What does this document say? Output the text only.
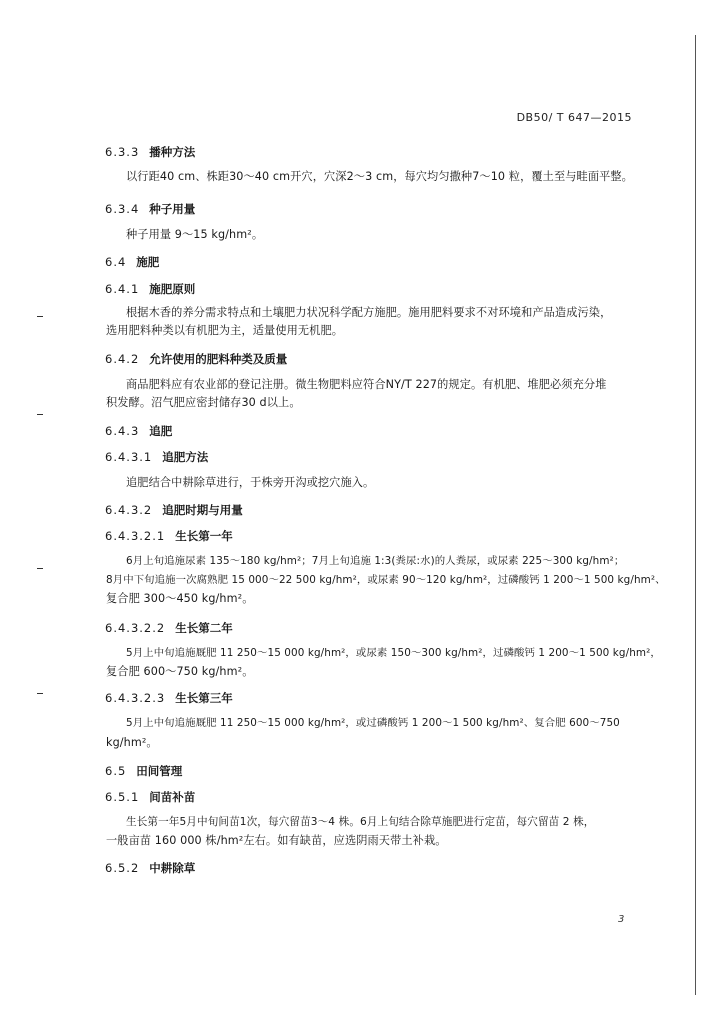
DB50/ T 647—2015
6.3.3 播种方法
以行距40 cm、株距30～40 cm开穴，穴深2～3 cm，每穴均匀撒种7～10 粒，覆土至与畦面平整。
6.3.4 种子用量
种子用量 9～15 kg/hm²。
6.4 施肥
6.4.1 施肥原则
根据木香的养分需求特点和土壤肥力状况科学配方施肥。施用肥料要求不对环境和产品造成污染，
选用肥料种类以有机肥为主，适量使用无机肥。
6.4.2 允许使用的肥料种类及质量
商品肥料应有农业部的登记注册。微生物肥料应符合NY/T 227的规定。有机肥、堆肥必须充分堆
积发酵。沼气肥应密封储存30 d以上。
6.4.3 追肥
6.4.3.1 追肥方法
追肥结合中耕除草进行，于株旁开沟或挖穴施入。
6.4.3.2 追肥时期与用量
6.4.3.2.1 生长第一年
6月上旬追施尿素 135～180 kg/hm²；7月上旬追施 1:3(粪尿:水)的人粪尿，或尿素 225～300 kg/hm²；
8月中下旬追施一次腐熟肥 15 000～22 500 kg/hm²，或尿素 90～120 kg/hm²，过磷酸钙 1 200～1 500 kg/hm²、
复合肥 300～450 kg/hm²。
6.4.3.2.2 生长第二年
5月上中旬追施厩肥 11 250～15 000 kg/hm²，或尿素 150～300 kg/hm²，过磷酸钙 1 200～1 500 kg/hm²，
复合肥 600～750 kg/hm²。
6.4.3.2.3 生长第三年
5月上中旬追施厩肥 11 250～15 000 kg/hm²，或过磷酸钙 1 200～1 500 kg/hm²、复合肥 600～750
kg/hm²。
6.5 田间管理
6.5.1 间苗补苗
生长第一年5月中旬间苗1次，每穴留苗3～4 株。6月上旬结合除草施肥进行定苗，每穴留苗 2 株，
一般亩苗 160 000 株/hm²左右。如有缺苗，应选阴雨天带土补栽。
6.5.2 中耕除草
3
